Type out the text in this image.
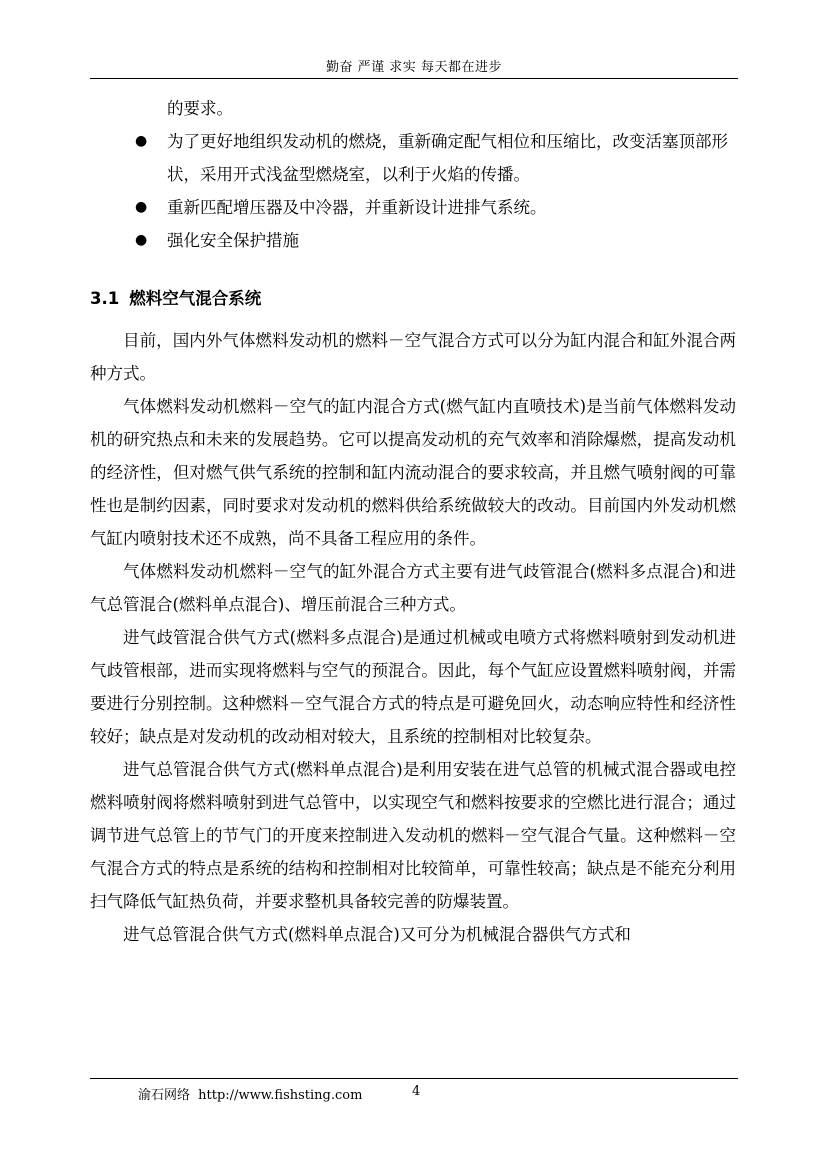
勤奋 严谨 求实 每天都在进步

的要求。

● 为了更好地组织发动机的燃烧，重新确定配气相位和压缩比，改变活塞顶部形状，采用开式浅盆型燃烧室，以利于火焰的传播。
● 重新匹配增压器及中冷器，并重新设计进排气系统。
● 强化安全保护措施
3.1 燃料空气混合系统

目前，国内外气体燃料发动机的燃料－空气混合方式可以分为缸内混合和缸外混合两种方式。

气体燃料发动机燃料－空气的缸内混合方式(燃气缸内直喷技术)是当前气体燃料发动机的研究热点和未来的发展趋势。它可以提高发动机的充气效率和消除爆燃，提高发动机的经济性，但对燃气供气系统的控制和缸内流动混合的要求较高，并且燃气喷射阀的可靠性也是制约因素，同时要求对发动机的燃料供给系统做较大的改动。目前国内外发动机燃气缸内喷射技术还不成熟，尚不具备工程应用的条件。

气体燃料发动机燃料－空气的缸外混合方式主要有进气歧管混合(燃料多点混合)和进气总管混合(燃料单点混合)、增压前混合三种方式。

进气歧管混合供气方式(燃料多点混合)是通过机械或电喷方式将燃料喷射到发动机进气歧管根部，进而实现将燃料与空气的预混合。因此，每个气缸应设置燃料喷射阀，并需要进行分别控制。这种燃料－空气混合方式的特点是可避免回火，动态响应特性和经济性较好；缺点是对发动机的改动相对较大，且系统的控制相对比较复杂。

进气总管混合供气方式(燃料单点混合)是利用安装在进气总管的机械式混合器或电控燃料喷射阀将燃料喷射到进气总管中，以实现空气和燃料按要求的空燃比进行混合；通过调节进气总管上的节气门的开度来控制进入发动机的燃料－空气混合气量。这种燃料－空气混合方式的特点是系统的结构和控制相对比较简单，可靠性较高；缺点是不能充分利用扫气降低气缸热负荷，并要求整机具备较完善的防爆装置。

进气总管混合供气方式(燃料单点混合)又可分为机械混合器供气方式和

渝石网络 http://www.fishsting.com	4
